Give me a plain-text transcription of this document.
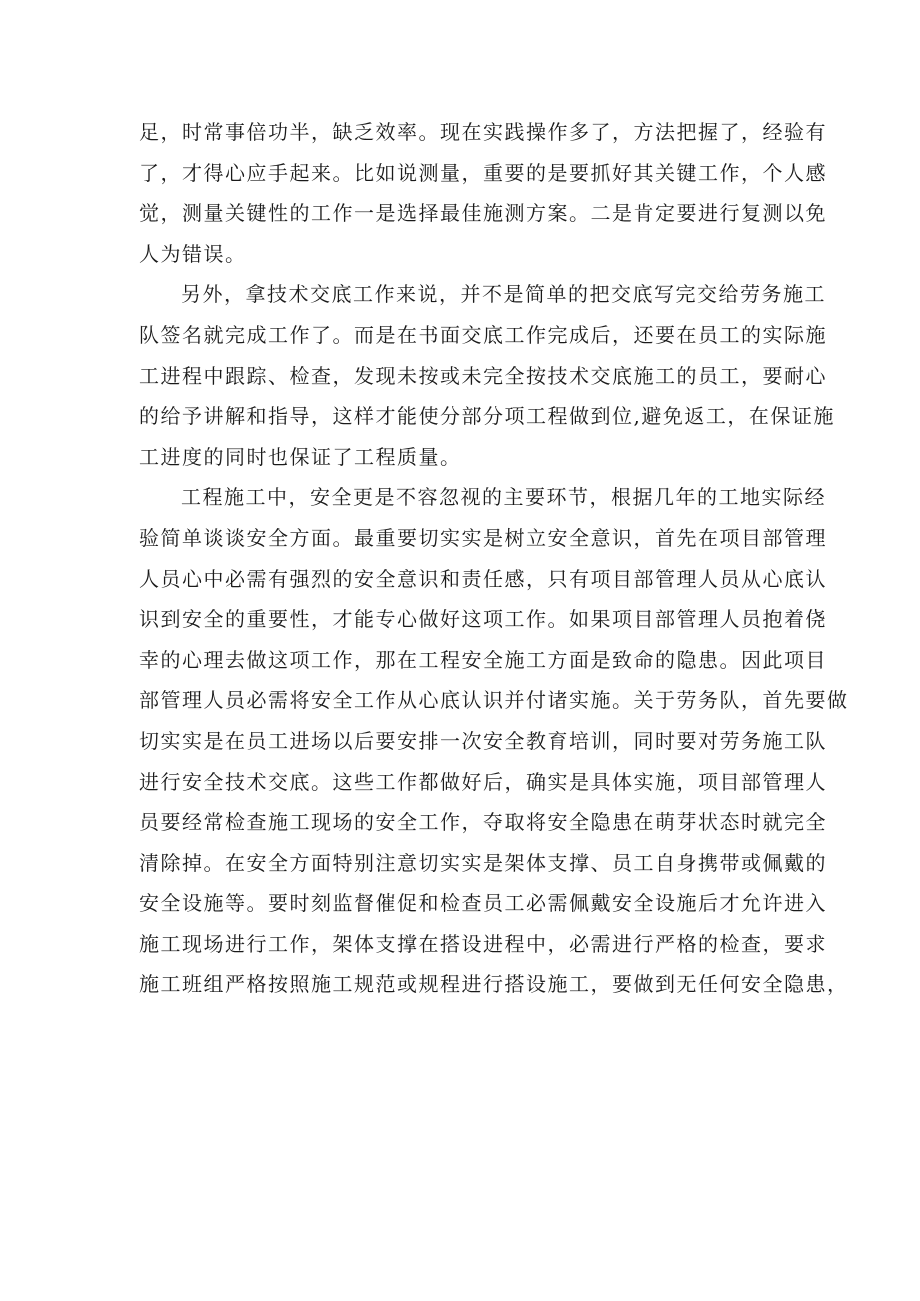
足，时常事倍功半，缺乏效率。现在实践操作多了，方法把握了，经验有
了，才得心应手起来。比如说测量，重要的是要抓好其关键工作，个人感
觉，测量关键性的工作一是选择最佳施测方案。二是肯定要进行复测以免
人为错误。
另外，拿技术交底工作来说，并不是简单的把交底写完交给劳务施工
队签名就完成工作了。而是在书面交底工作完成后，还要在员工的实际施
工进程中跟踪、检查，发现未按或未完全按技术交底施工的员工，要耐心
的给予讲解和指导，这样才能使分部分项工程做到位,避免返工，在保证施
工进度的同时也保证了工程质量。
工程施工中，安全更是不容忽视的主要环节，根据几年的工地实际经
验简单谈谈安全方面。最重要切实实是树立安全意识，首先在项目部管理
人员心中必需有强烈的安全意识和责任感，只有项目部管理人员从心底认
识到安全的重要性，才能专心做好这项工作。如果项目部管理人员抱着侥
幸的心理去做这项工作，那在工程安全施工方面是致命的隐患。因此项目
部管理人员必需将安全工作从心底认识并付诸实施。关于劳务队，首先要做
切实实是在员工进场以后要安排一次安全教育培训，同时要对劳务施工队
进行安全技术交底。这些工作都做好后，确实是具体实施，项目部管理人
员要经常检查施工现场的安全工作，夺取将安全隐患在萌芽状态时就完全
清除掉。在安全方面特别注意切实实是架体支撑、员工自身携带或佩戴的
安全设施等。要时刻监督催促和检查员工必需佩戴安全设施后才允许进入
施工现场进行工作，架体支撑在搭设进程中，必需进行严格的检查，要求
施工班组严格按照施工规范或规程进行搭设施工，要做到无任何安全隐患，
